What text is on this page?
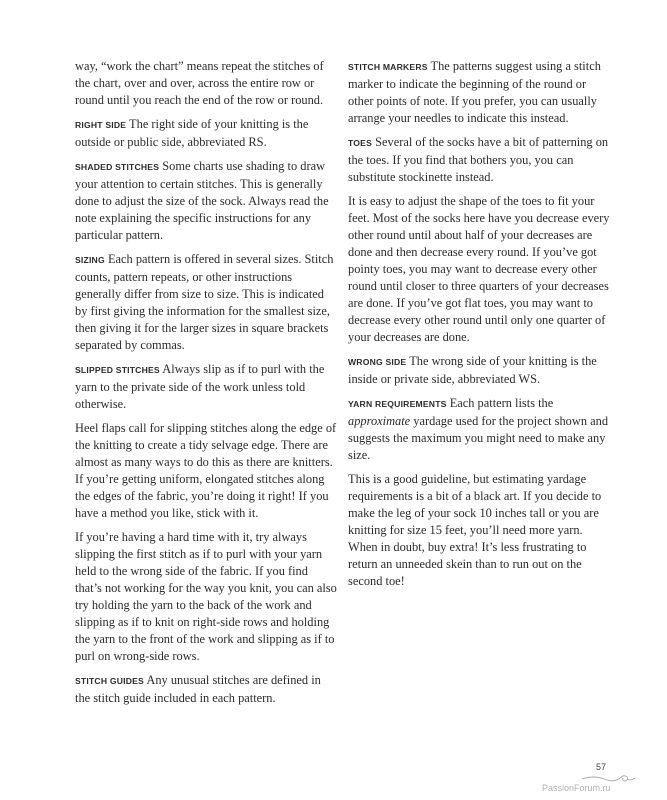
way, “work the chart” means repeat the stitches of the chart, over and over, across the entire row or round until you reach the end of the row or round.

RIGHT SIDE The right side of your knitting is the outside or public side, abbreviated RS.

SHADED STITCHES Some charts use shading to draw your attention to certain stitches. This is generally done to adjust the size of the sock. Always read the note explaining the specific instructions for any particular pattern.

SIZING Each pattern is offered in several sizes. Stitch counts, pattern repeats, or other instructions generally differ from size to size. This is indicated by first giving the information for the smallest size, then giving it for the larger sizes in square brackets separated by commas.

SLIPPED STITCHES Always slip as if to purl with the yarn to the private side of the work unless told otherwise.

Heel flaps call for slipping stitches along the edge of the knitting to create a tidy selvage edge. There are almost as many ways to do this as there are knitters. If you’re getting uniform, elongated stitches along the edges of the fabric, you’re doing it right! If you have a method you like, stick with it.

If you’re having a hard time with it, try always slipping the first stitch as if to purl with your yarn held to the wrong side of the fabric. If you find that’s not working for the way you knit, you can also try holding the yarn to the back of the work and slipping as if to knit on right-side rows and holding the yarn to the front of the work and slipping as if to purl on wrong-side rows.

STITCH GUIDES Any unusual stitches are defined in the stitch guide included in each pattern.

STITCH MARKERS The patterns suggest using a stitch marker to indicate the beginning of the round or other points of note. If you prefer, you can usually arrange your needles to indicate this instead.

TOES Several of the socks have a bit of patterning on the toes. If you find that bothers you, you can substitute stockinette instead.

It is easy to adjust the shape of the toes to fit your feet. Most of the socks here have you decrease every other round until about half of your decreases are done and then decrease every round. If you’ve got pointy toes, you may want to decrease every other round until closer to three quarters of your decreases are done. If you’ve got flat toes, you may want to decrease every other round until only one quarter of your decreases are done.

WRONG SIDE The wrong side of your knitting is the inside or private side, abbreviated WS.

YARN REQUIREMENTS Each pattern lists the approximate yardage used for the project shown and suggests the maximum you might need to make any size.

This is a good guideline, but estimating yardage requirements is a bit of a black art. If you decide to make the leg of your sock 10 inches tall or you are knitting for size 15 feet, you’ll need more yarn. When in doubt, buy extra! It’s less frustrating to return an unneeded skein than to run out on the second toe!

57
PassionForum.ru
